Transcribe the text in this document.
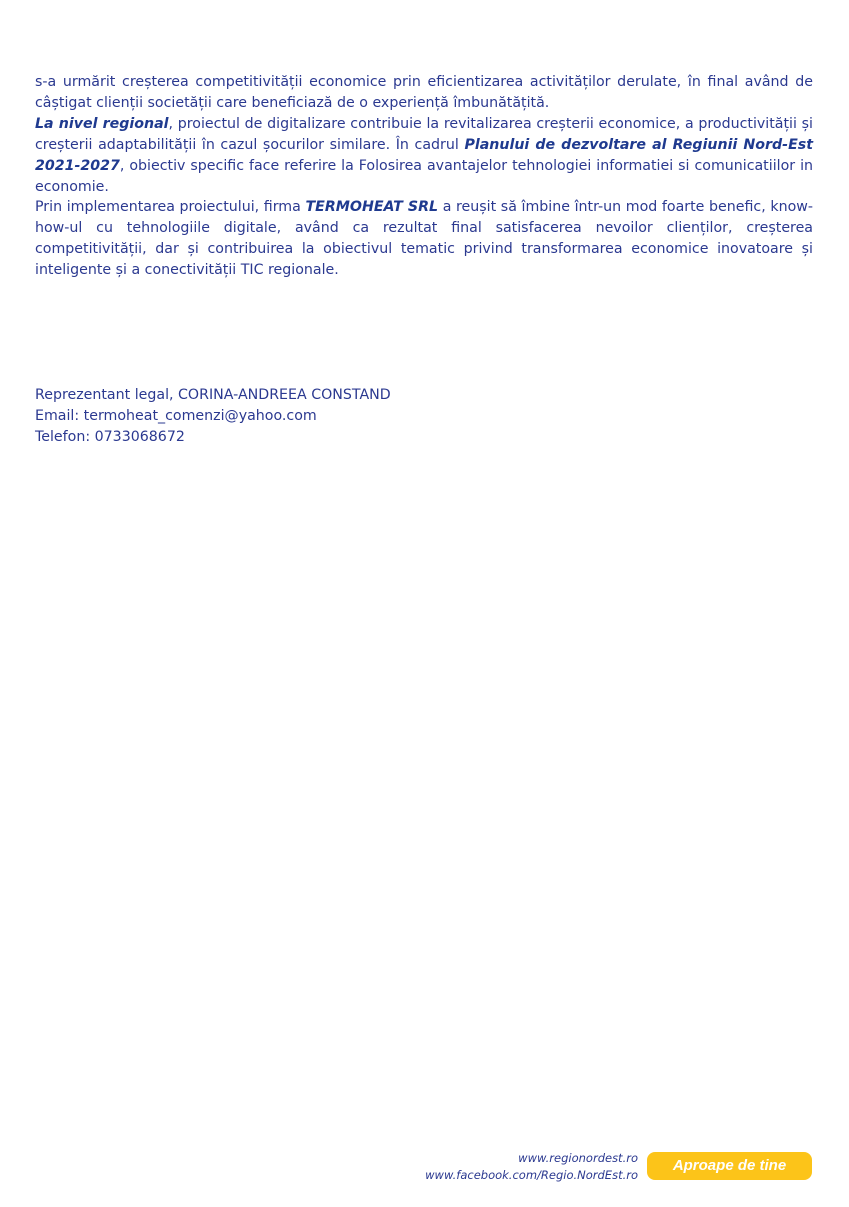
s-a urmărit creșterea competitivității economice prin eficientizarea activităților derulate, în final având de câștigat clienții societății care beneficiază de o experiență îmbunătățită.

La nivel regional, proiectul de digitalizare contribuie la revitalizarea creșterii economice, a productivității și creșterii adaptabilității în cazul șocurilor similare. În cadrul Planului de dezvoltare al Regiunii Nord-Est 2021-2027, obiectiv specific face referire la Folosirea avantajelor tehnologiei informatiei si comunicatiilor in economie.

Prin implementarea proiectului, firma TERMOHEAT SRL a reușit să îmbine într-un mod foarte benefic, know-how-ul cu tehnologiile digitale, având ca rezultat final satisfacerea nevoilor clienților, creșterea competitivității, dar și contribuirea la obiectivul tematic privind transformarea economice inovatoare și inteligente și a conectivității TIC regionale.

Reprezentant legal, CORINA-ANDREEA CONSTAND
Email: termoheat_comenzi@yahoo.com
Telefon: 0733068672
www.regionordest.ro
www.facebook.com/Regio.NordEst.ro
Aproape de tine
